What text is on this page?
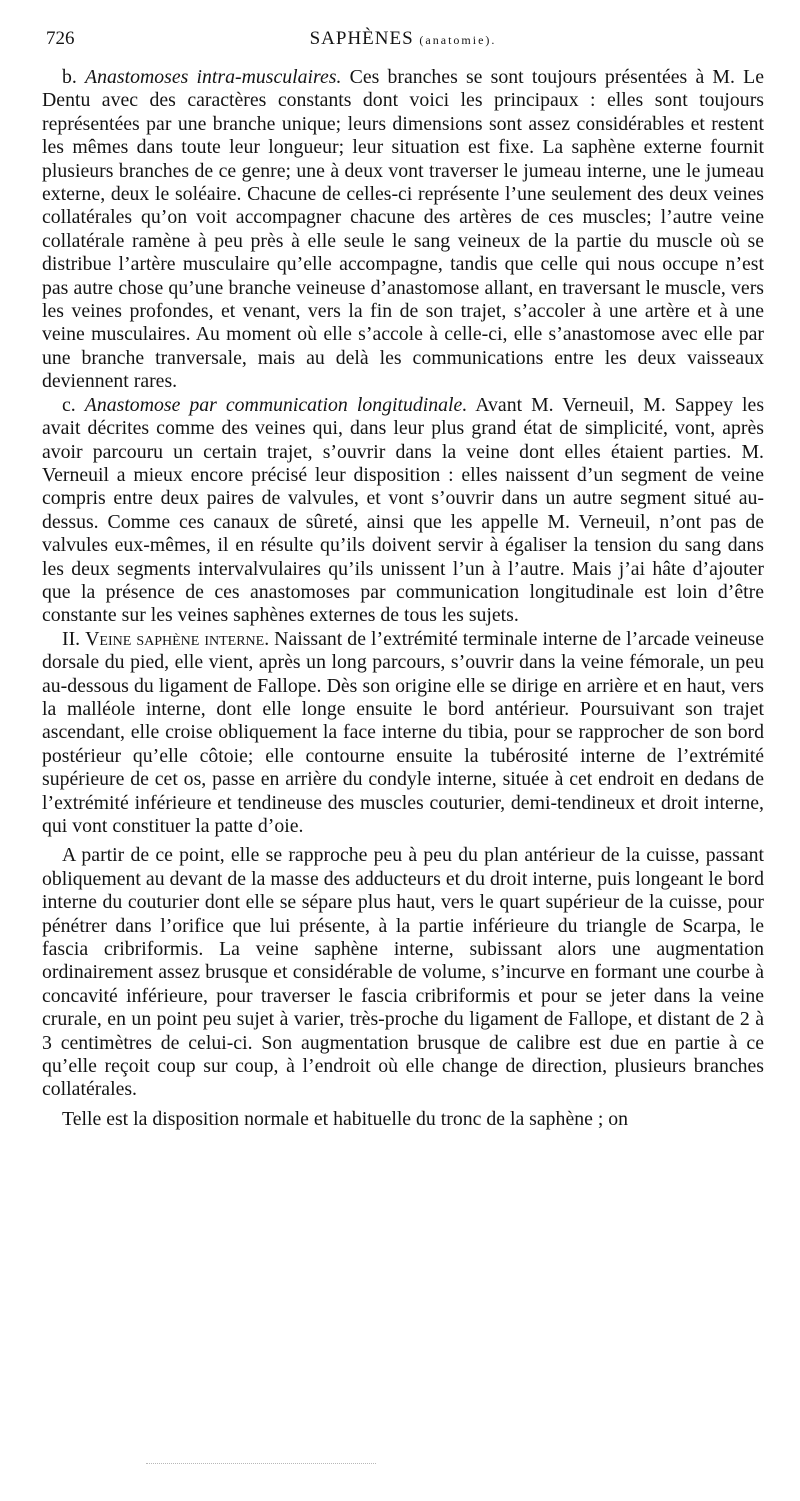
726	SAPHÈNES (anatomie).

b. Anastomoses intra-musculaires. Ces branches se sont toujours présentées à M. Le Dentu avec des caractères constants dont voici les principaux : elles sont toujours représentées par une branche unique; leurs dimensions sont assez considérables et restent les mêmes dans toute leur longueur; leur situation est fixe. La saphène externe fournit plusieurs branches de ce genre; une à deux vont traverser le jumeau interne, une le jumeau externe, deux le soléaire. Chacune de celles-ci représente l’une seulement des deux veines collatérales qu’on voit accompagner chacune des artères de ces muscles; l’autre veine collatérale ramène à peu près à elle seule le sang veineux de la partie du muscle où se distribue l’artère musculaire qu’elle accompagne, tandis que celle qui nous occupe n’est pas autre chose qu’une branche veineuse d’anastomose allant, en traversant le muscle, vers les veines profondes, et venant, vers la fin de son trajet, s’accoler à une artère et à une veine musculaires. Au moment où elle s’accole à celle-ci, elle s’anastomose avec elle par une branche tranversale, mais au delà les communications entre les deux vaisseaux deviennent rares.

c. Anastomose par communication longitudinale. Avant M. Verneuil, M. Sappey les avait décrites comme des veines qui, dans leur plus grand état de simplicité, vont, après avoir parcouru un certain trajet, s’ouvrir dans la veine dont elles étaient parties. M. Verneuil a mieux encore précisé leur disposition : elles naissent d’un segment de veine compris entre deux paires de valvules, et vont s’ouvrir dans un autre segment situé au-dessus. Comme ces canaux de sûreté, ainsi que les appelle M. Verneuil, n’ont pas de valvules eux-mêmes, il en résulte qu’ils doivent servir à égaliser la tension du sang dans les deux segments intervalvulaires qu’ils unissent l’un à l’autre. Mais j’ai hâte d’ajouter que la présence de ces anastomoses par communication longitudinale est loin d’être constante sur les veines saphènes externes de tous les sujets.

II. Veine saphène interne. Naissant de l’extrémité terminale interne de l’arcade veineuse dorsale du pied, elle vient, après un long parcours, s’ouvrir dans la veine fémorale, un peu au-dessous du ligament de Fallope. Dès son origine elle se dirige en arrière et en haut, vers la malléole interne, dont elle longe ensuite le bord antérieur. Poursuivant son trajet ascendant, elle croise obliquement la face interne du tibia, pour se rapprocher de son bord postérieur qu’elle côtoie; elle contourne ensuite la tubérosité interne de l’extrémité supérieure de cet os, passe en arrière du condyle interne, située à cet endroit en dedans de l’extrémité inférieure et tendineuse des muscles couturier, demi-tendineux et droit interne, qui vont constituer la patte d’oie.

A partir de ce point, elle se rapproche peu à peu du plan antérieur de la cuisse, passant obliquement au devant de la masse des adducteurs et du droit interne, puis longeant le bord interne du couturier dont elle se sépare plus haut, vers le quart supérieur de la cuisse, pour pénétrer dans l’orifice que lui présente, à la partie inférieure du triangle de Scarpa, le fascia cribriformis. La veine saphène interne, subissant alors une augmentation ordinairement assez brusque et considérable de volume, s’incurve en formant une courbe à concavité inférieure, pour traverser le fascia cribriformis et pour se jeter dans la veine crurale, en un point peu sujet à varier, très-proche du ligament de Fallope, et distant de 2 à 3 centimètres de celui-ci. Son augmentation brusque de calibre est due en partie à ce qu’elle reçoit coup sur coup, à l’endroit où elle change de direction, plusieurs branches collatérales.

Telle est la disposition normale et habituelle du tronc de la saphène ; on
